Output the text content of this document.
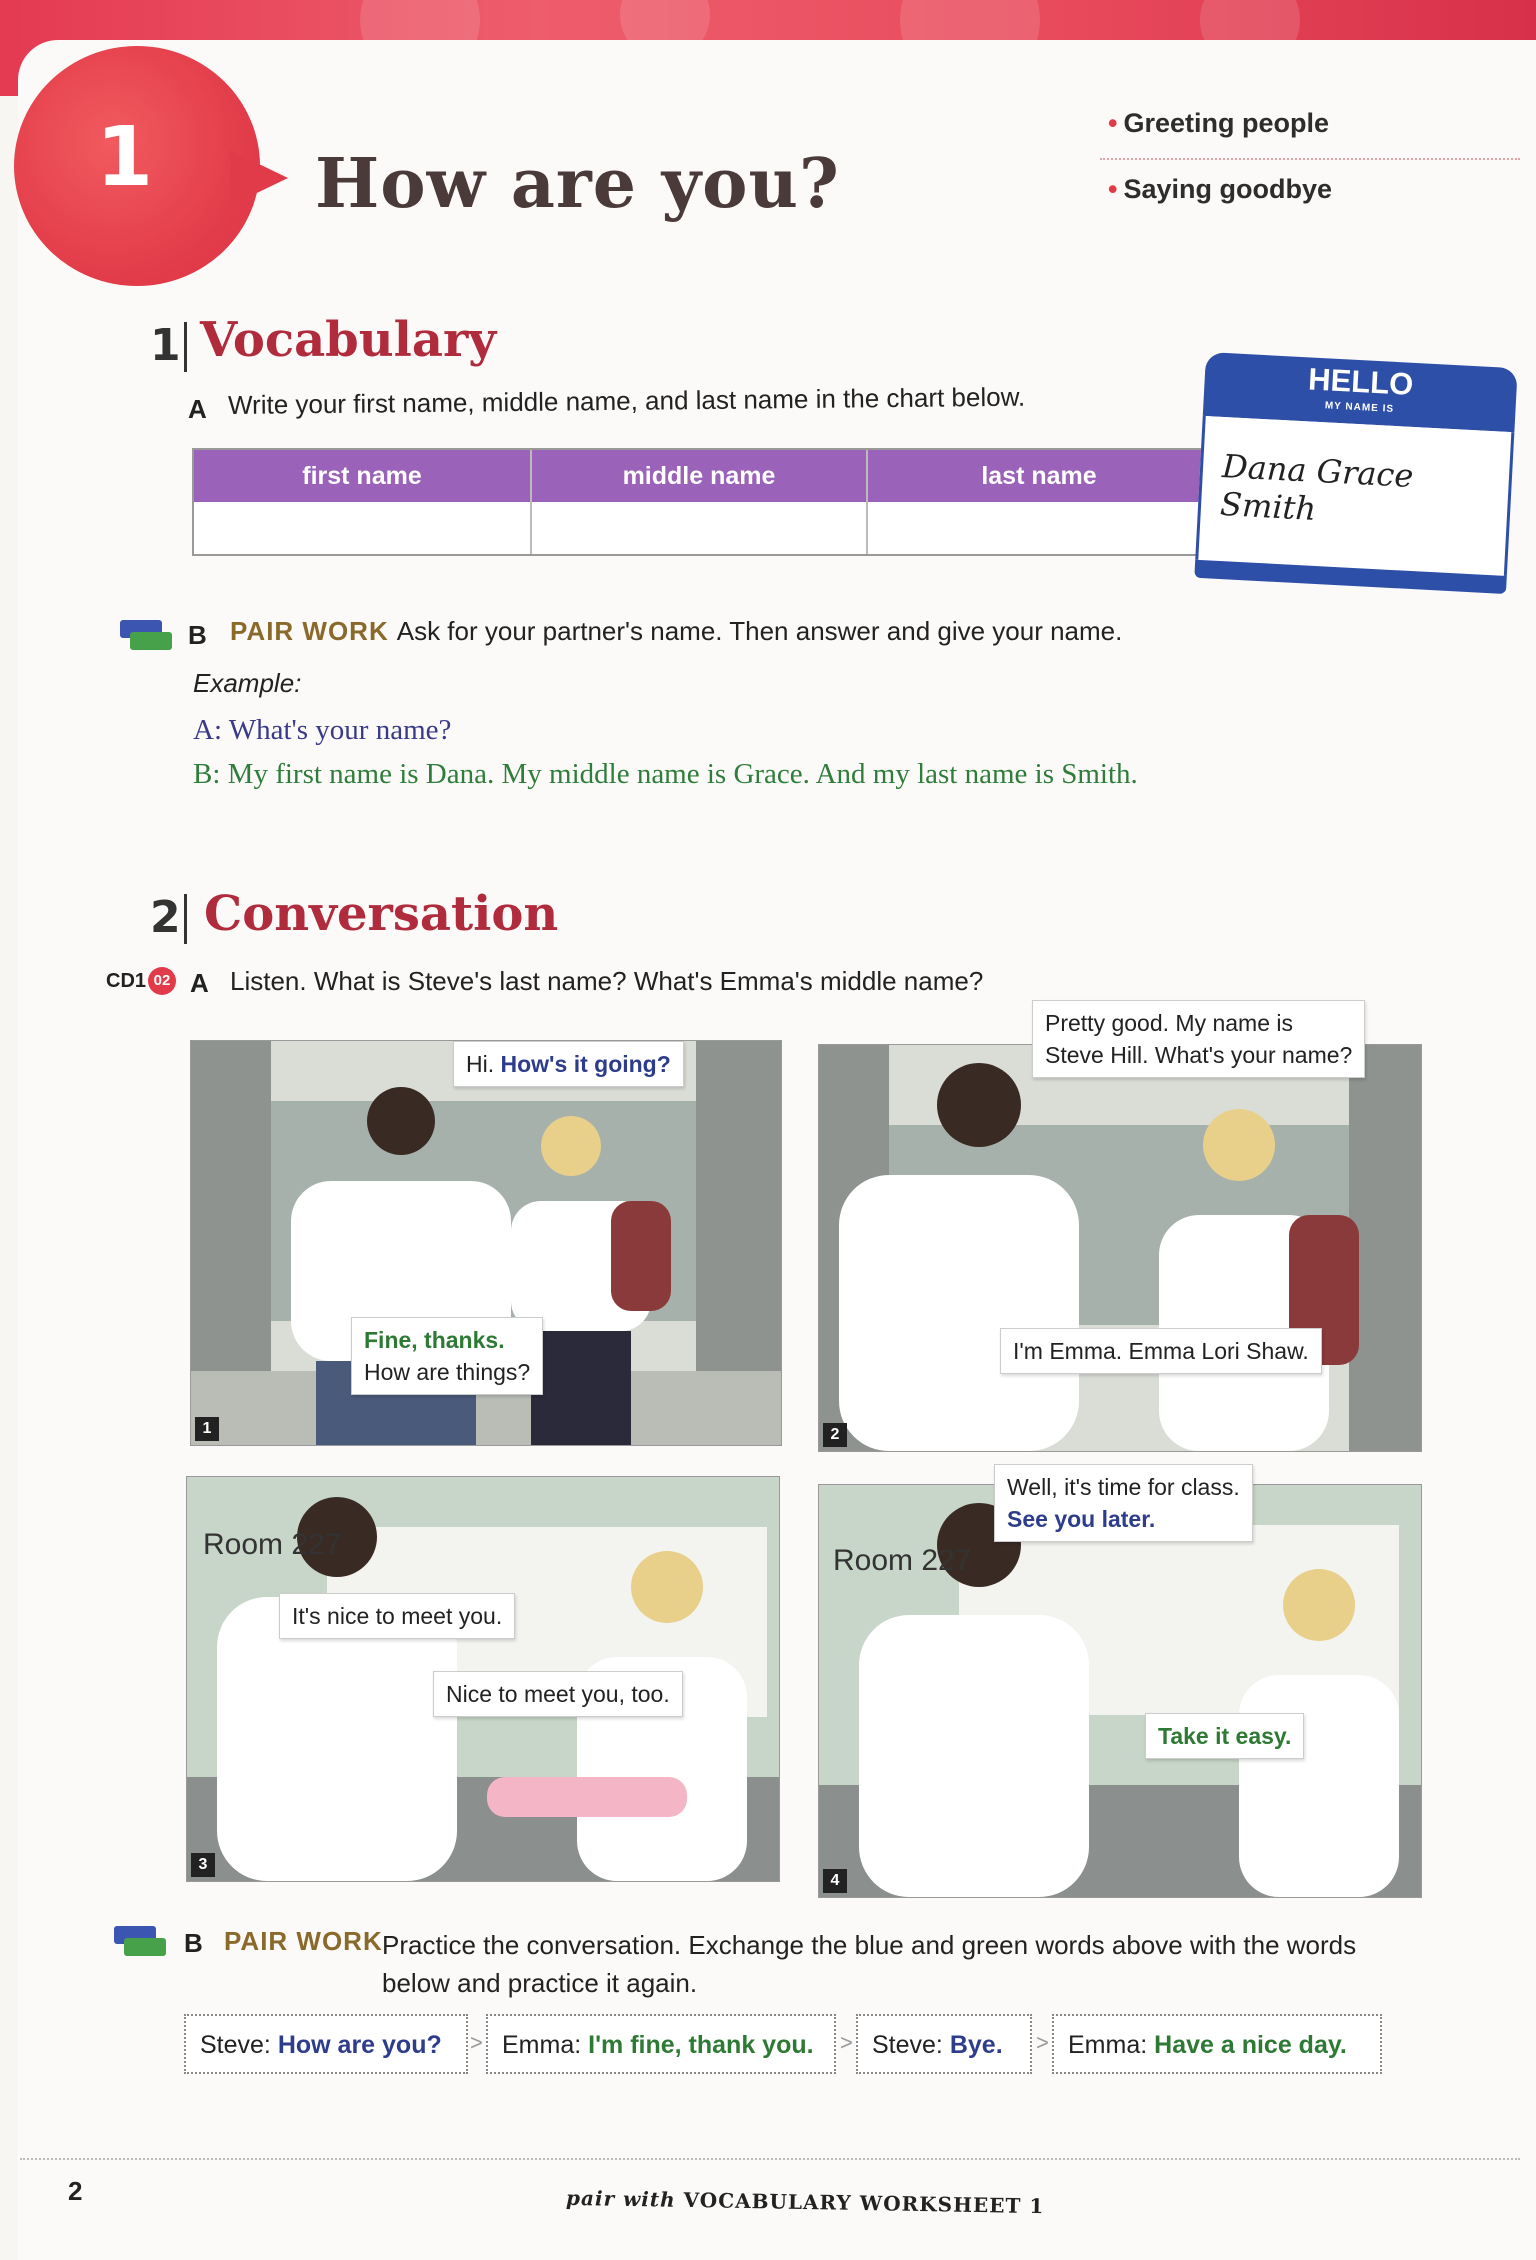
1 How are you?
• Greeting people
• Saying goodbye
1 Vocabulary
A Write your first name, middle name, and last name in the chart below.
first name	middle name	last name
HELLO
MY NAME IS
Dana Grace Smith
B PAIR WORK Ask for your partner's name. Then answer and give your name.
Example:
A: What's your name?
B: My first name is Dana. My middle name is Grace. And my last name is Smith.
2 Conversation
CD1 02 A Listen. What is Steve's last name? What's Emma's middle name?
Hi. How's it going?
Fine, thanks.
How are things?
1	2
Pretty good. My name is
Steve Hill. What's your name?
I'm Emma. Emma Lori Shaw.
Room 227
It's nice to meet you.
Nice to meet you, too.
3
Room 227
Take it easy.
4
Well, it's time for class.
See you later.
B PAIR WORK Practice the conversation. Exchange the blue and green words above with the words
below and practice it again.
Steve: How are you?	> Emma: I'm fine, thank you.	> Steve: Bye.	> Emma: Have a nice day.
2	pair with VOCABULARY WORKSHEET 1
